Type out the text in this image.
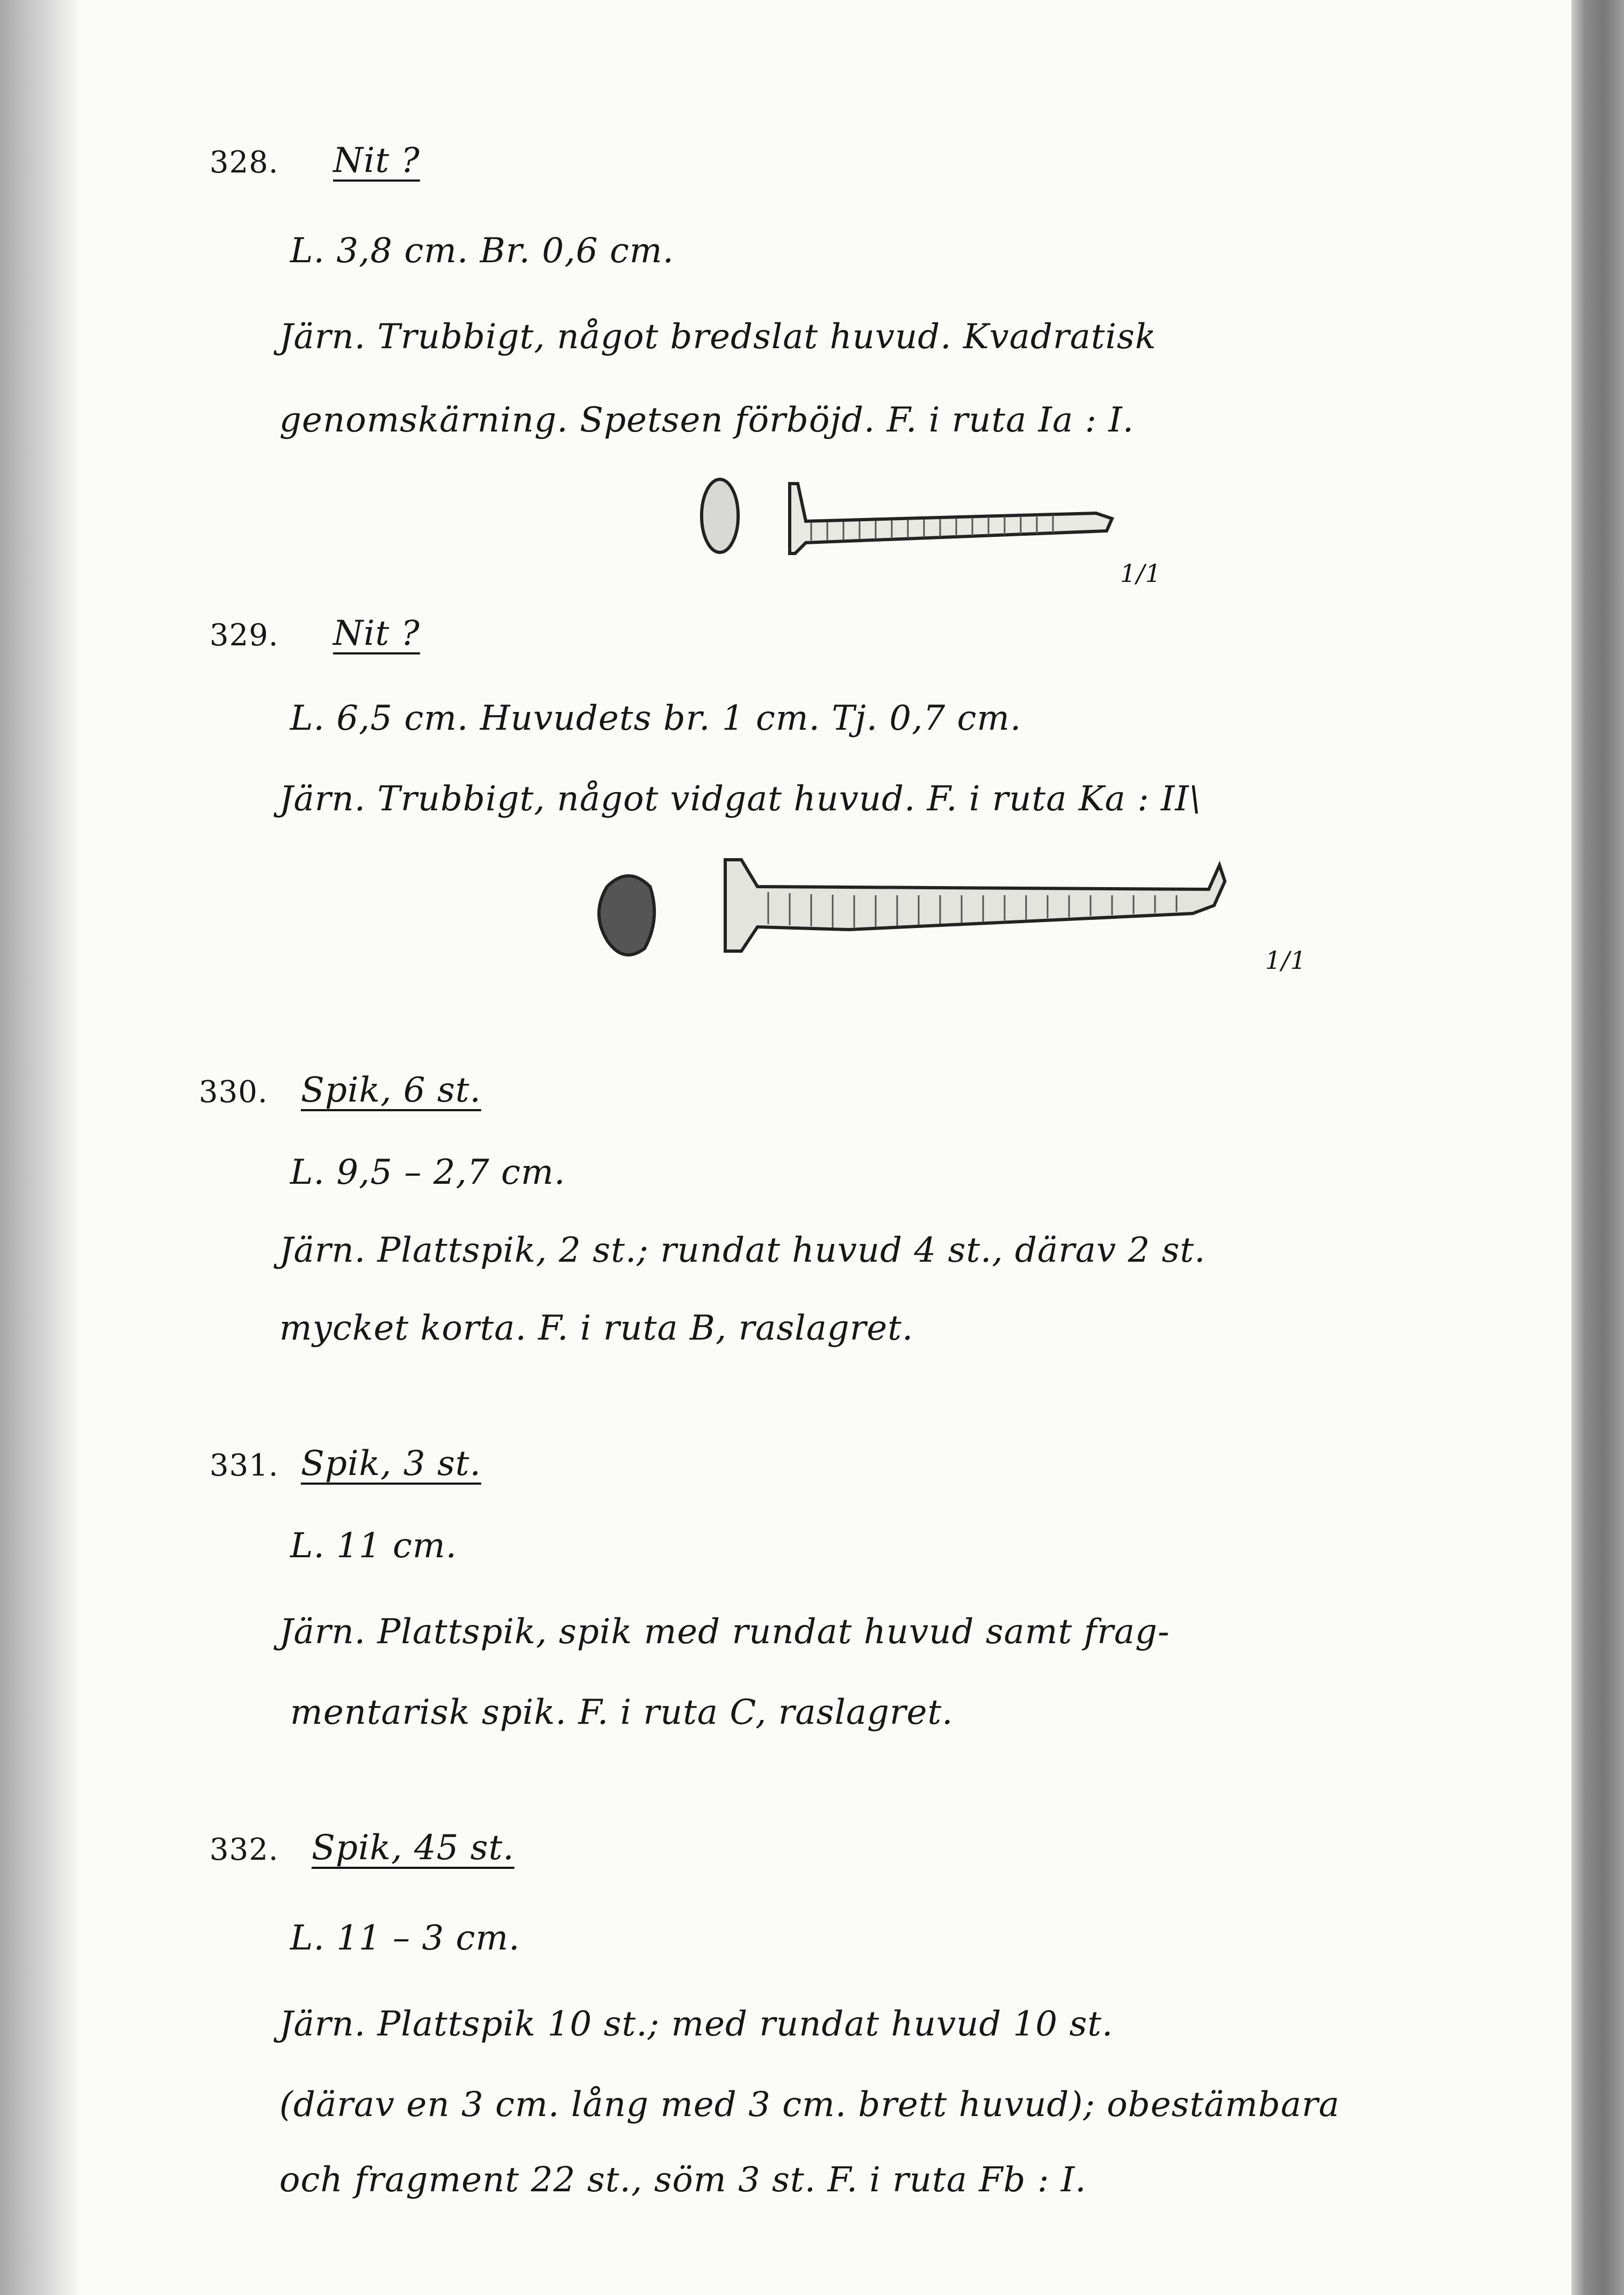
328. Nit ?
L. 3,8 cm. Br. 0,6 cm.
Järn. Trubbigt, något bredslat huvud. Kvadratisk
genomskärning. Spetsen förböjd. F. i ruta Ia : I.
1/1
329. Nit ?
L. 6,5 cm. Huvudets br. 1 cm. Tj. 0,7 cm.
Järn. Trubbigt, något vidgat huvud. F. i ruta Ka : II\
1/1
330. Spik, 6 st.
L. 9,5 – 2,7 cm.
Järn. Plattspik, 2 st.; rundat huvud 4 st., därav 2 st.
mycket korta. F. i ruta B, raslagret.
331. Spik, 3 st.
L. 11 cm.
Järn. Plattspik, spik med rundat huvud samt frag-
mentarisk spik. F. i ruta C, raslagret.
332. Spik, 45 st.
L. 11 – 3 cm.
Järn. Plattspik 10 st.; med rundat huvud 10 st.
(därav en 3 cm. lång med 3 cm. brett huvud); obestämbara
och fragment 22 st., söm 3 st. F. i ruta Fb : I.
